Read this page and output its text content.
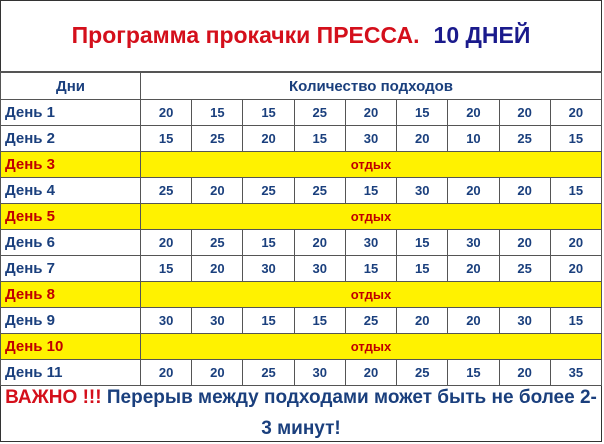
Программа прокачки ПРЕССА. 10 ДНЕЙ
Дни	Количество подходов								
День 1	20	15	15	25	20	15	20	20	20
День 2	15	25	20	15	30	20	10	25	15
День 3	отдых								
День 4	25	20	25	25	15	30	20	20	15
День 5	отдых								
День 6	20	25	15	20	30	15	30	20	20
День 7	15	20	30	30	15	15	20	25	20
День 8	отдых								
День 9	30	30	15	15	25	20	20	30	15
День 10	отдых								
День 11	20	20	25	30	20	25	15	20	35
ВАЖНО !!! Перерыв между подходами может быть не более 2-3 минут!
